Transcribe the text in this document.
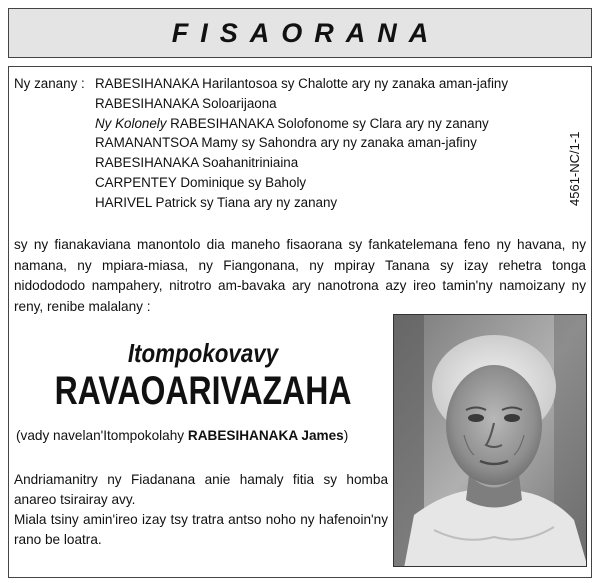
FISAORANA
Ny zanany : RABESIHANAKA Harilantosoa sy Chalotte ary ny zanaka aman-jafiny
RABESIHANAKA Soloarijaona
Ny Kolonely RABESIHANAKA Solofonome sy Clara ary ny zanany
RAMANANTSOA Mamy sy Sahondra ary ny zanaka aman-jafiny
RABESIHANAKA Soahanitriniaina
CARPENTEY Dominique sy Baholy
HARIVEL Patrick sy Tiana ary ny zanany	4561-NC/1-1
sy ny fianakaviana manontolo dia maneho fisaorana sy fankatelemana feno ny havana, ny namana, ny mpiara-miasa, ny Fiangonana, ny mpiray Tanana sy izay rehetra tonga nidodododo nampahery, nitrotro am-bavaka ary nanotrona azy ireo tamin'ny namoizany ny reny, renibe malalany :
Itompokovavy
RAVAOARIVAZAHA
(vady navelan'Itompokolahy RABESIHANAKA James)

Andriamanitry ny Fiadanana anie hamaly fitia sy homba anareo tsirairay avy.

Miala tsiny amin'ireo izay tsy tratra antso noho ny hafenoin'ny rano be loatra.
